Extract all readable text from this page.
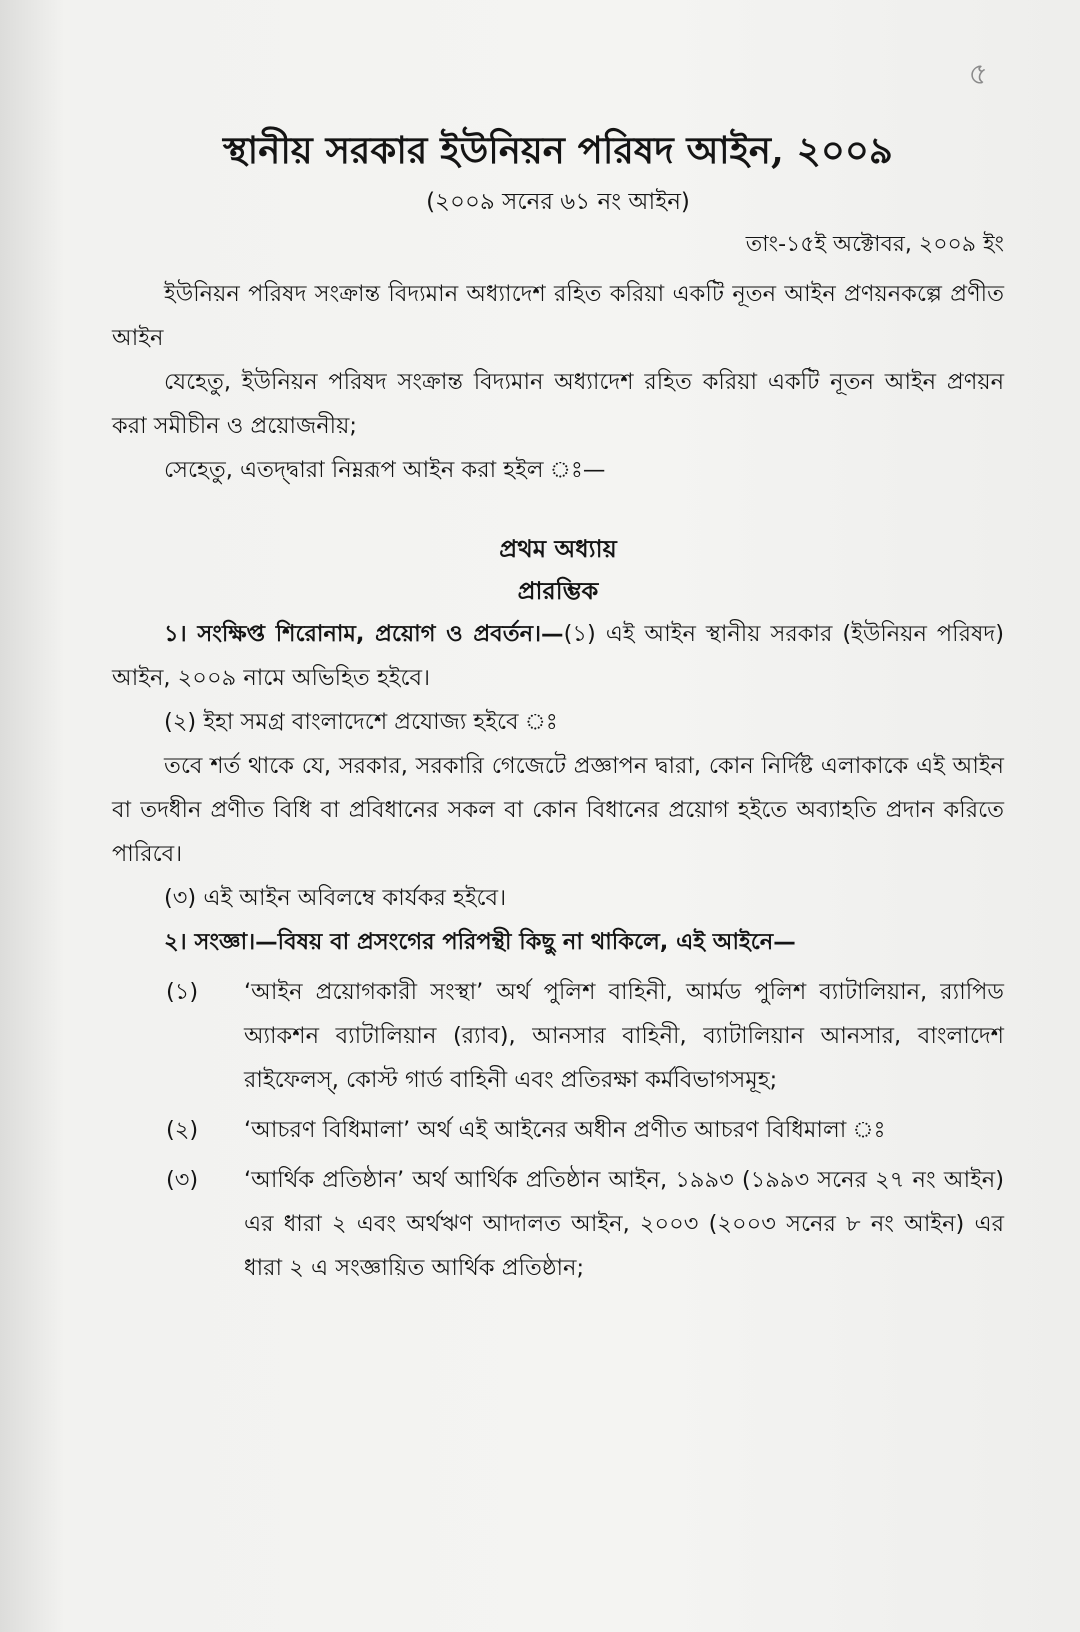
৫
স্থানীয় সরকার ইউনিয়ন পরিষদ আইন, ২০০৯
(২০০৯ সনের ৬১ নং আইন)
তাং-১৫ই অক্টোবর, ২০০৯ ইং

ইউনিয়ন পরিষদ সংক্রান্ত বিদ্যমান অধ্যাদেশ রহিত করিয়া একটি নূতন আইন প্রণয়নকল্পে প্রণীত আইন

যেহেতু, ইউনিয়ন পরিষদ সংক্রান্ত বিদ্যমান অধ্যাদেশ রহিত করিয়া একটি নূতন আইন প্রণয়ন করা সমীচীন ও প্রয়োজনীয়;

সেহেতু, এতদ্‌দ্বারা নিম্নরূপ আইন করা হইল ঃ—

প্রথম অধ্যায়
প্রারম্ভিক

১। সংক্ষিপ্ত শিরোনাম, প্রয়োগ ও প্রবর্তন।—(১) এই আইন স্থানীয় সরকার (ইউনিয়ন পরিষদ) আইন, ২০০৯ নামে অভিহিত হইবে।

(২) ইহা সমগ্র বাংলাদেশে প্রযোজ্য হইবে ঃ

তবে শর্ত থাকে যে, সরকার, সরকারি গেজেটে প্রজ্ঞাপন দ্বারা, কোন নির্দিষ্ট এলাকাকে এই আইন বা তদধীন প্রণীত বিধি বা প্রবিধানের সকল বা কোন বিধানের প্রয়োগ হইতে অব্যাহতি প্রদান করিতে পারিবে।

(৩) এই আইন অবিলম্বে কার্যকর হইবে।

২। সংজ্ঞা।—বিষয় বা প্রসংগের পরিপন্থী কিছু না থাকিলে, এই আইনে—

(১) ‘আইন প্রয়োগকারী সংস্থা’ অর্থ পুলিশ বাহিনী, আর্মড পুলিশ ব্যাটালিয়ান, র‍্যাপিড অ্যাকশন ব্যাটালিয়ান (র‍্যাব), আনসার বাহিনী, ব্যাটালিয়ান আনসার, বাংলাদেশ রাইফেলস্, কোস্ট গার্ড বাহিনী এবং প্রতিরক্ষা কর্মবিভাগসমূহ;
(২) ‘আচরণ বিধিমালা’ অর্থ এই আইনের অধীন প্রণীত আচরণ বিধিমালা ঃ
(৩) ‘আর্থিক প্রতিষ্ঠান’ অর্থ আর্থিক প্রতিষ্ঠান আইন, ১৯৯৩ (১৯৯৩ সনের ২৭ নং আইন) এর ধারা ২ এবং অর্থঋণ আদালত আইন, ২০০৩ (২০০৩ সনের ৮ নং আইন) এর ধারা ২ এ সংজ্ঞায়িত আর্থিক প্রতিষ্ঠান;
